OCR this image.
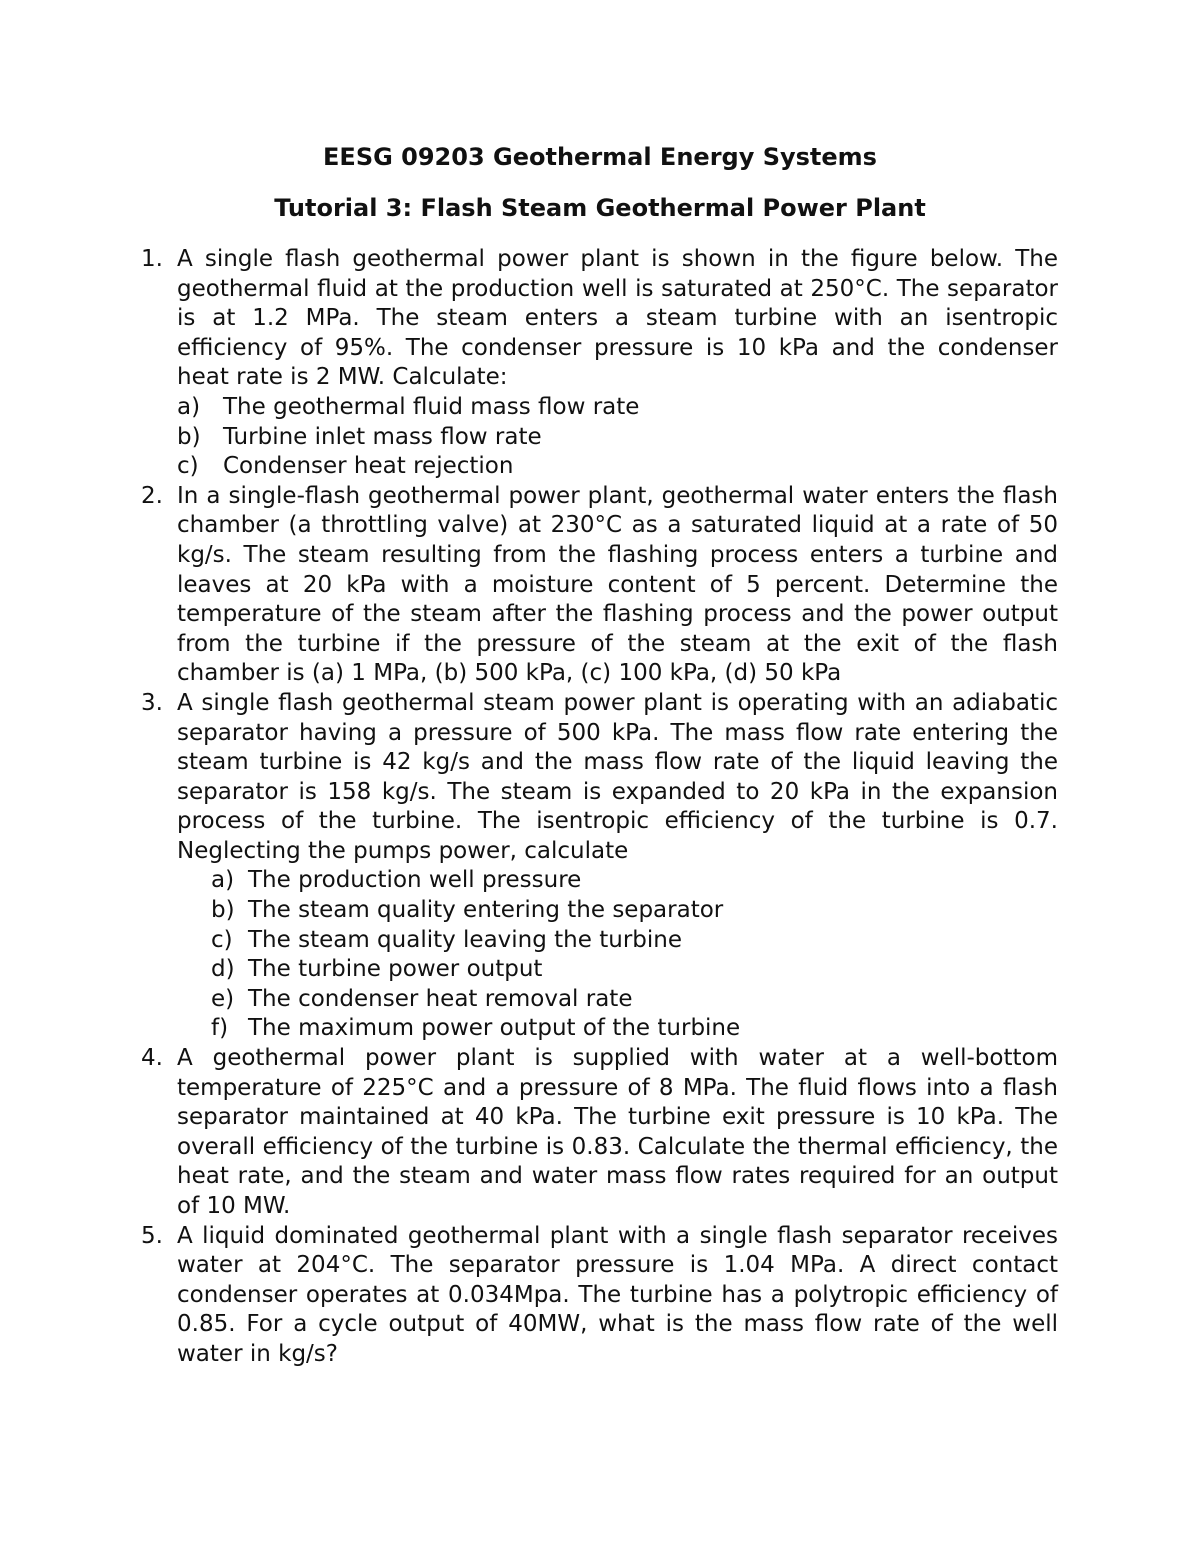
EESG 09203 Geothermal Energy Systems
Tutorial 3: Flash Steam Geothermal Power Plant
1. A single flash geothermal power plant is shown in the figure below. The geothermal fluid at the production well is saturated at 250°C. The separator is at 1.2 MPa. The steam enters a steam turbine with an isentropic efficiency of 95%. The condenser pressure is 10 kPa and the condenser heat rate is 2 MW. Calculate:
a) The geothermal fluid mass flow rate
b) Turbine inlet mass flow rate
c) Condenser heat rejection
2. In a single-flash geothermal power plant, geothermal water enters the flash chamber (a throttling valve) at 230°C as a saturated liquid at a rate of 50 kg/s. The steam resulting from the flashing process enters a turbine and leaves at 20 kPa with a moisture content of 5 percent. Determine the temperature of the steam after the flashing process and the power output from the turbine if the pressure of the steam at the exit of the flash chamber is (a) 1 MPa, (b) 500 kPa, (c) 100 kPa, (d) 50 kPa
3. A single flash geothermal steam power plant is operating with an adiabatic separator having a pressure of 500 kPa. The mass flow rate entering the steam turbine is 42 kg/s and the mass flow rate of the liquid leaving the separator is 158 kg/s. The steam is expanded to 20 kPa in the expansion process of the turbine. The isentropic efficiency of the turbine is 0.7. Neglecting the pumps power, calculate
a) The production well pressure
b) The steam quality entering the separator
c) The steam quality leaving the turbine
d) The turbine power output
e) The condenser heat removal rate
f) The maximum power output of the turbine
4. A geothermal power plant is supplied with water at a well-bottom temperature of 225°C and a pressure of 8 MPa. The fluid flows into a flash separator maintained at 40 kPa. The turbine exit pressure is 10 kPa. The overall efficiency of the turbine is 0.83. Calculate the thermal efficiency, the heat rate, and the steam and water mass flow rates required for an output of 10 MW.
5. A liquid dominated geothermal plant with a single flash separator receives water at 204°C. The separator pressure is 1.04 MPa. A direct contact condenser operates at 0.034Mpa. The turbine has a polytropic efficiency of 0.85. For a cycle output of 40MW, what is the mass flow rate of the well water in kg/s?
